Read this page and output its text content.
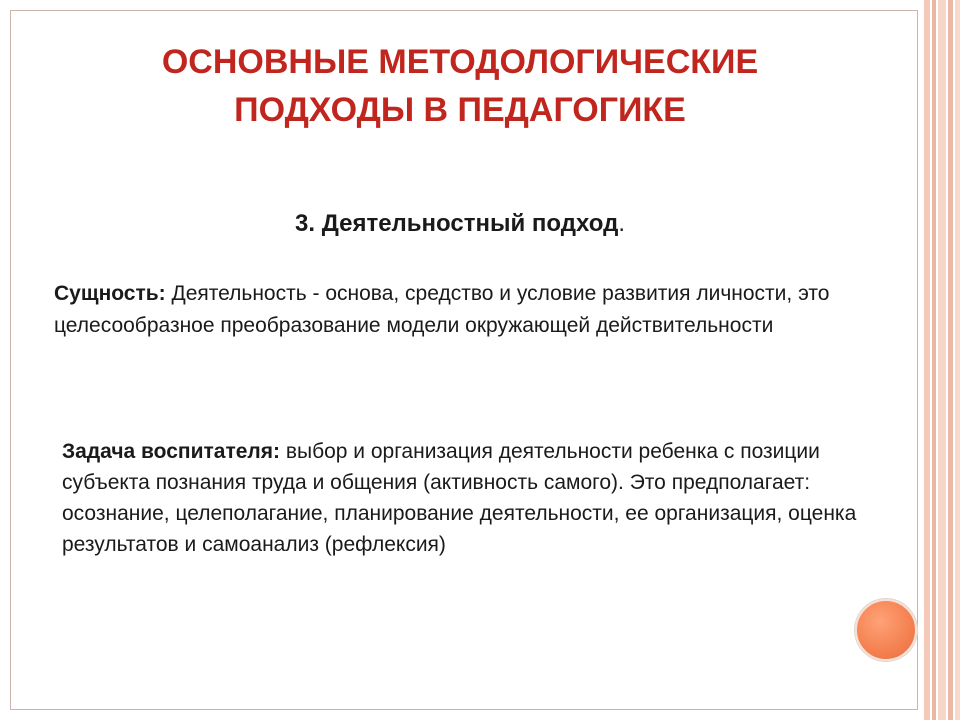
ОСНОВНЫЕ МЕТОДОЛОГИЧЕСКИЕ
ПОДХОДЫ В ПЕДАГОГИКЕ

3. Деятельностный подход.

Сущность: Деятельность - основа, средство и условие развития личности, это целесообразное преобразование модели окружающей действительности

Задача воспитателя: выбор и организация деятельности ребенка с позиции субъекта познания труда и общения (активность самого). Это предполагает: осознание, целеполагание, планирование деятельности, ее организация, оценка результатов и самоанализ (рефлексия)
